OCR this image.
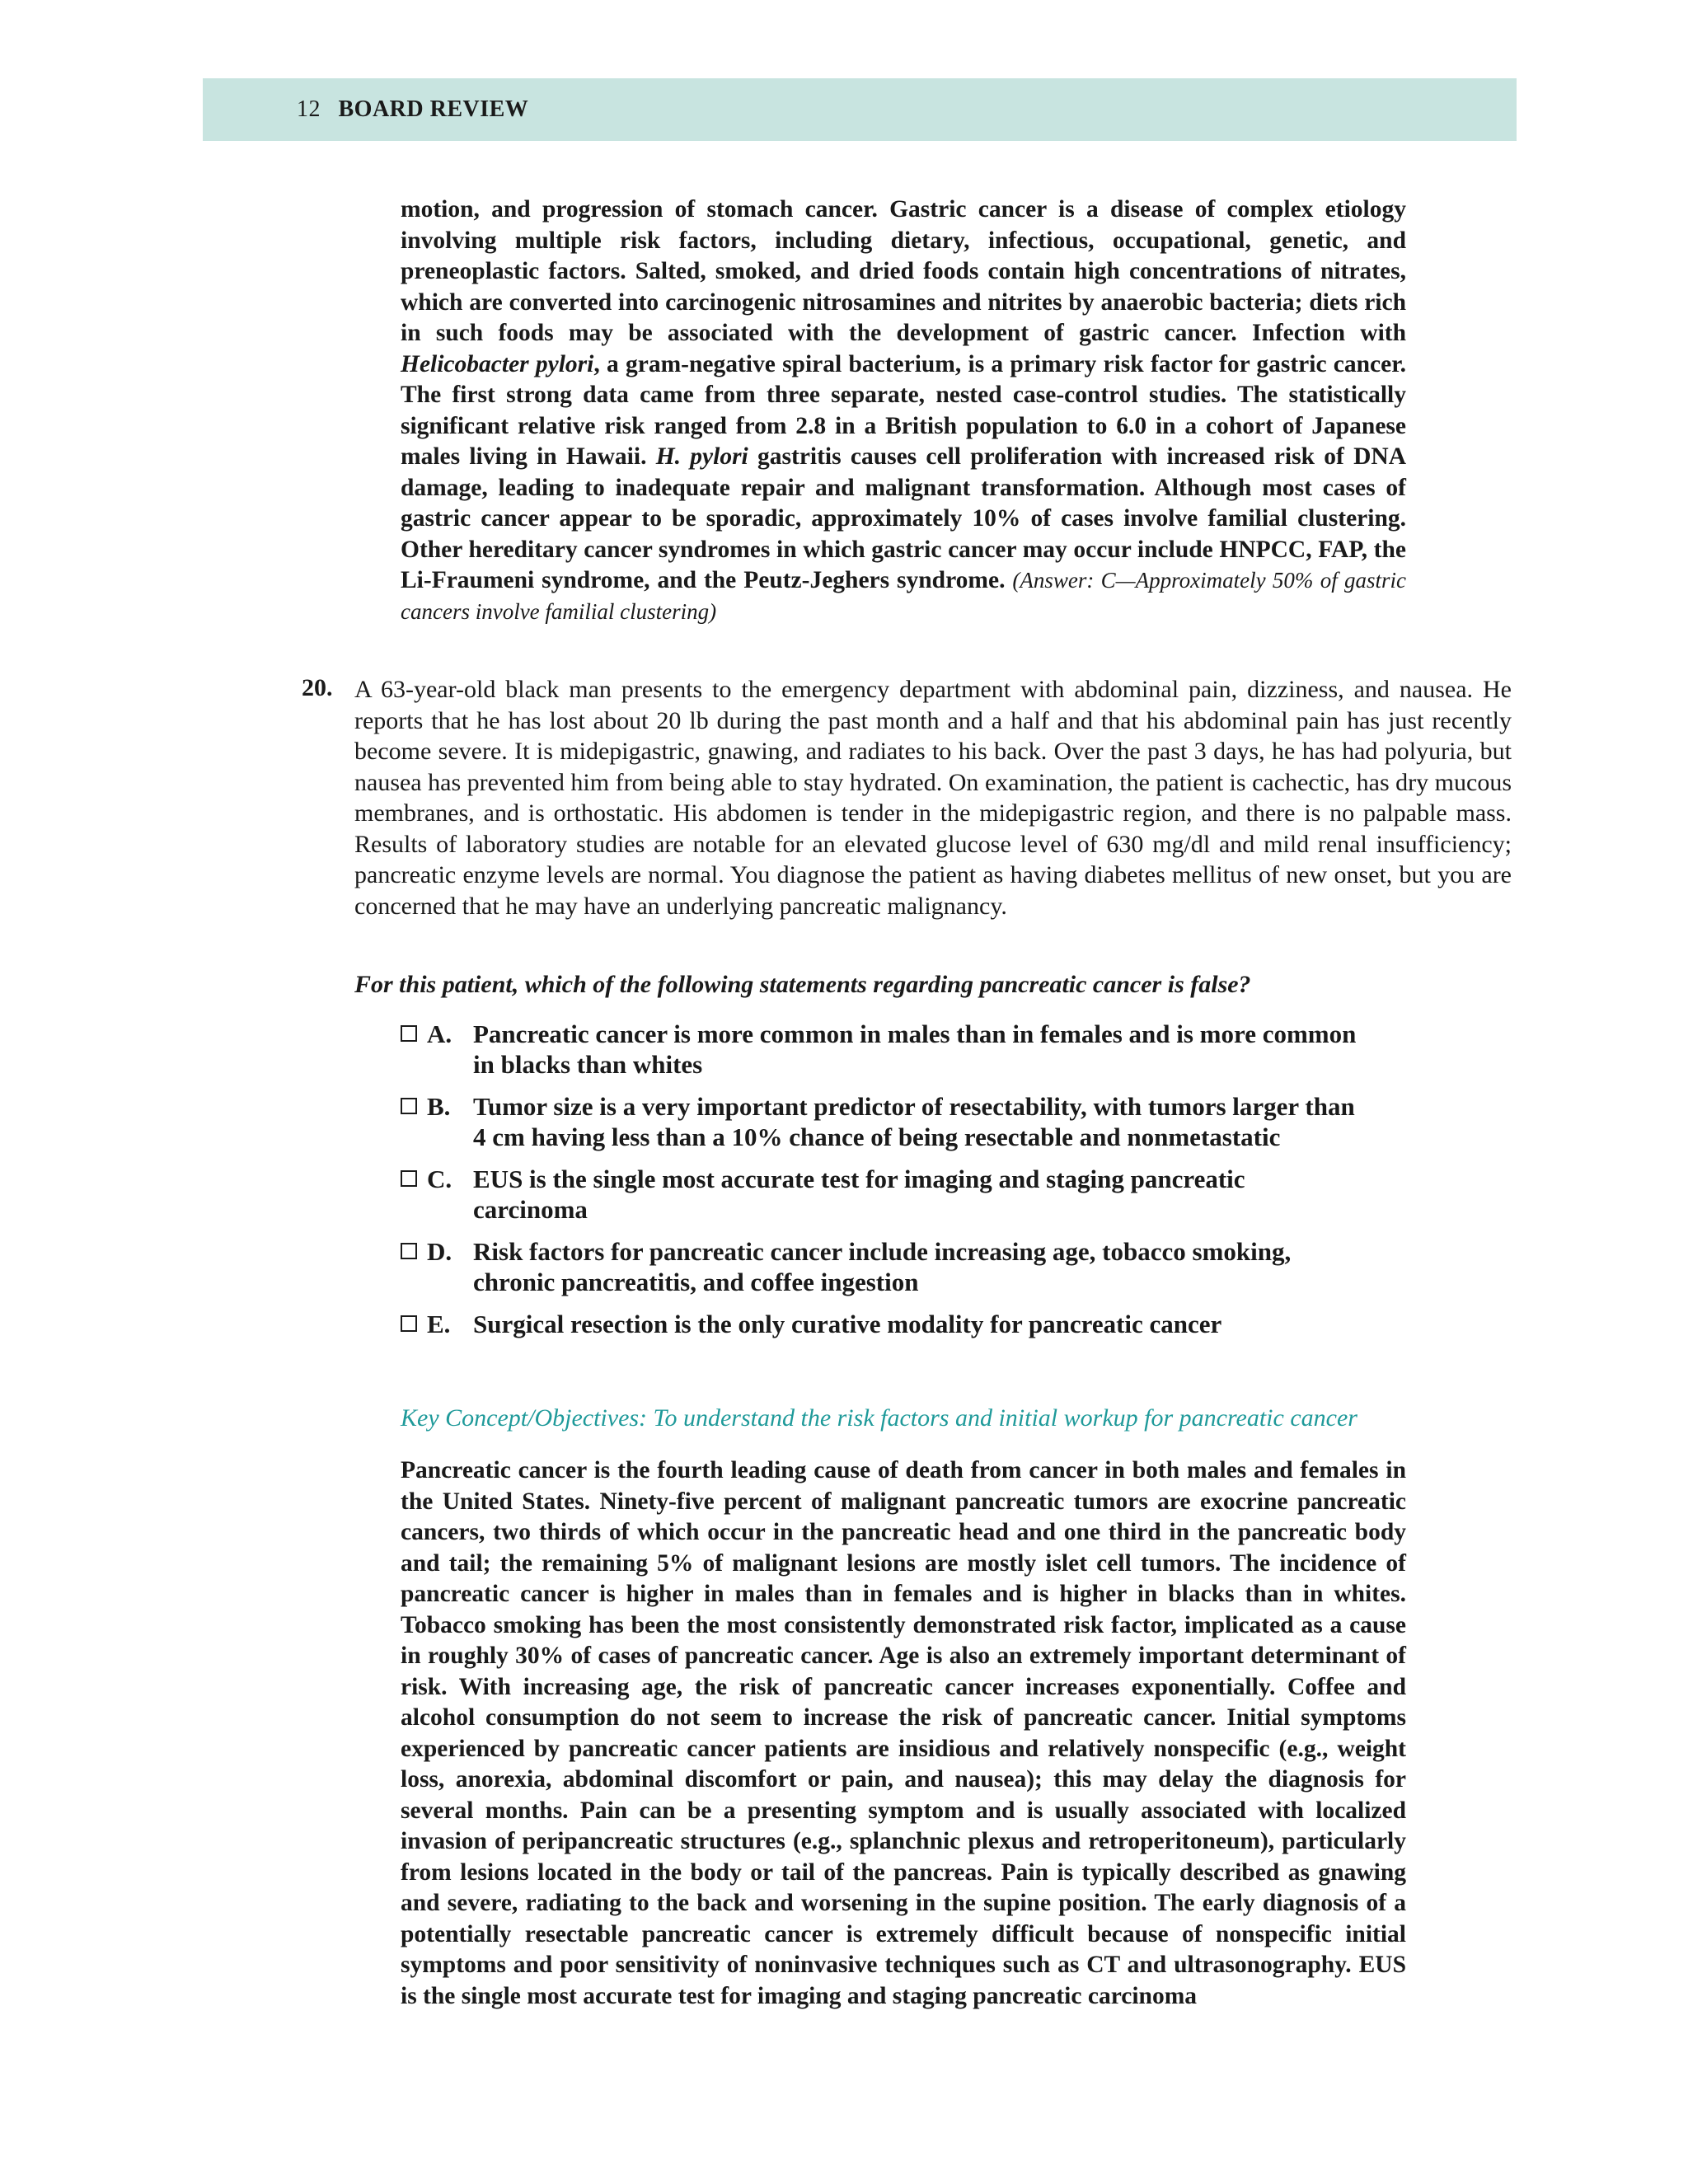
12 BOARD REVIEW

motion, and progression of stomach cancer. Gastric cancer is a disease of complex etiology involving multiple risk factors, including dietary, infectious, occupational, genetic, and preneoplastic factors. Salted, smoked, and dried foods contain high concentrations of nitrates, which are converted into carcinogenic nitrosamines and nitrites by anaerobic bacteria; diets rich in such foods may be associated with the development of gastric cancer. Infection with Helicobacter pylori, a gram-negative spiral bacterium, is a primary risk factor for gastric cancer. The first strong data came from three separate, nested case-control studies. The statistically significant relative risk ranged from 2.8 in a British population to 6.0 in a cohort of Japanese males living in Hawaii. H. pylori gastritis causes cell proliferation with increased risk of DNA damage, leading to inadequate repair and malignant transformation. Although most cases of gastric cancer appear to be sporadic, approximately 10% of cases involve familial clustering. Other hereditary cancer syndromes in which gastric cancer may occur include HNPCC, FAP, the Li-Fraumeni syndrome, and the Peutz-Jeghers syndrome. (Answer: C—Approximately 50% of gastric cancers involve familial clustering)

20. A 63-year-old black man presents to the emergency department with abdominal pain, dizziness, and nausea. He reports that he has lost about 20 lb during the past month and a half and that his abdominal pain has just recently become severe. It is midepigastric, gnawing, and radiates to his back. Over the past 3 days, he has had polyuria, but nausea has prevented him from being able to stay hydrated. On examination, the patient is cachectic, has dry mucous membranes, and is orthostatic. His abdomen is tender in the midepigastric region, and there is no palpable mass. Results of laboratory studies are notable for an elevated glucose level of 630 mg/dl and mild renal insufficiency; pancreatic enzyme levels are normal. You diagnose the patient as having diabetes mellitus of new onset, but you are concerned that he may have an underlying pancreatic malignancy.

For this patient, which of the following statements regarding pancreatic cancer is false?

A. Pancreatic cancer is more common in males than in females and is more common in blacks than whites
B. Tumor size is a very important predictor of resectability, with tumors larger than 4 cm having less than a 10% chance of being resectable and nonmetastatic
C. EUS is the single most accurate test for imaging and staging pancreatic carcinoma
D. Risk factors for pancreatic cancer include increasing age, tobacco smoking, chronic pancreatitis, and coffee ingestion
E. Surgical resection is the only curative modality for pancreatic cancer

Key Concept/Objectives: To understand the risk factors and initial workup for pancreatic cancer

Pancreatic cancer is the fourth leading cause of death from cancer in both males and females in the United States. Ninety-five percent of malignant pancreatic tumors are exocrine pancreatic cancers, two thirds of which occur in the pancreatic head and one third in the pancreatic body and tail; the remaining 5% of malignant lesions are mostly islet cell tumors. The incidence of pancreatic cancer is higher in males than in females and is higher in blacks than in whites. Tobacco smoking has been the most consistently demonstrated risk factor, implicated as a cause in roughly 30% of cases of pancreatic cancer. Age is also an extremely important determinant of risk. With increasing age, the risk of pancreatic cancer increases exponentially. Coffee and alcohol consumption do not seem to increase the risk of pancreatic cancer. Initial symptoms experienced by pancreatic cancer patients are insidious and relatively nonspecific (e.g., weight loss, anorexia, abdominal discomfort or pain, and nausea); this may delay the diagnosis for several months. Pain can be a presenting symptom and is usually associated with localized invasion of peripancreatic structures (e.g., splanchnic plexus and retroperitoneum), particularly from lesions located in the body or tail of the pancreas. Pain is typically described as gnawing and severe, radiating to the back and worsening in the supine position. The early diagnosis of a potentially resectable pancreatic cancer is extremely difficult because of nonspecific initial symptoms and poor sensitivity of noninvasive techniques such as CT and ultrasonography. EUS is the single most accurate test for imaging and staging pancreatic carcinoma
